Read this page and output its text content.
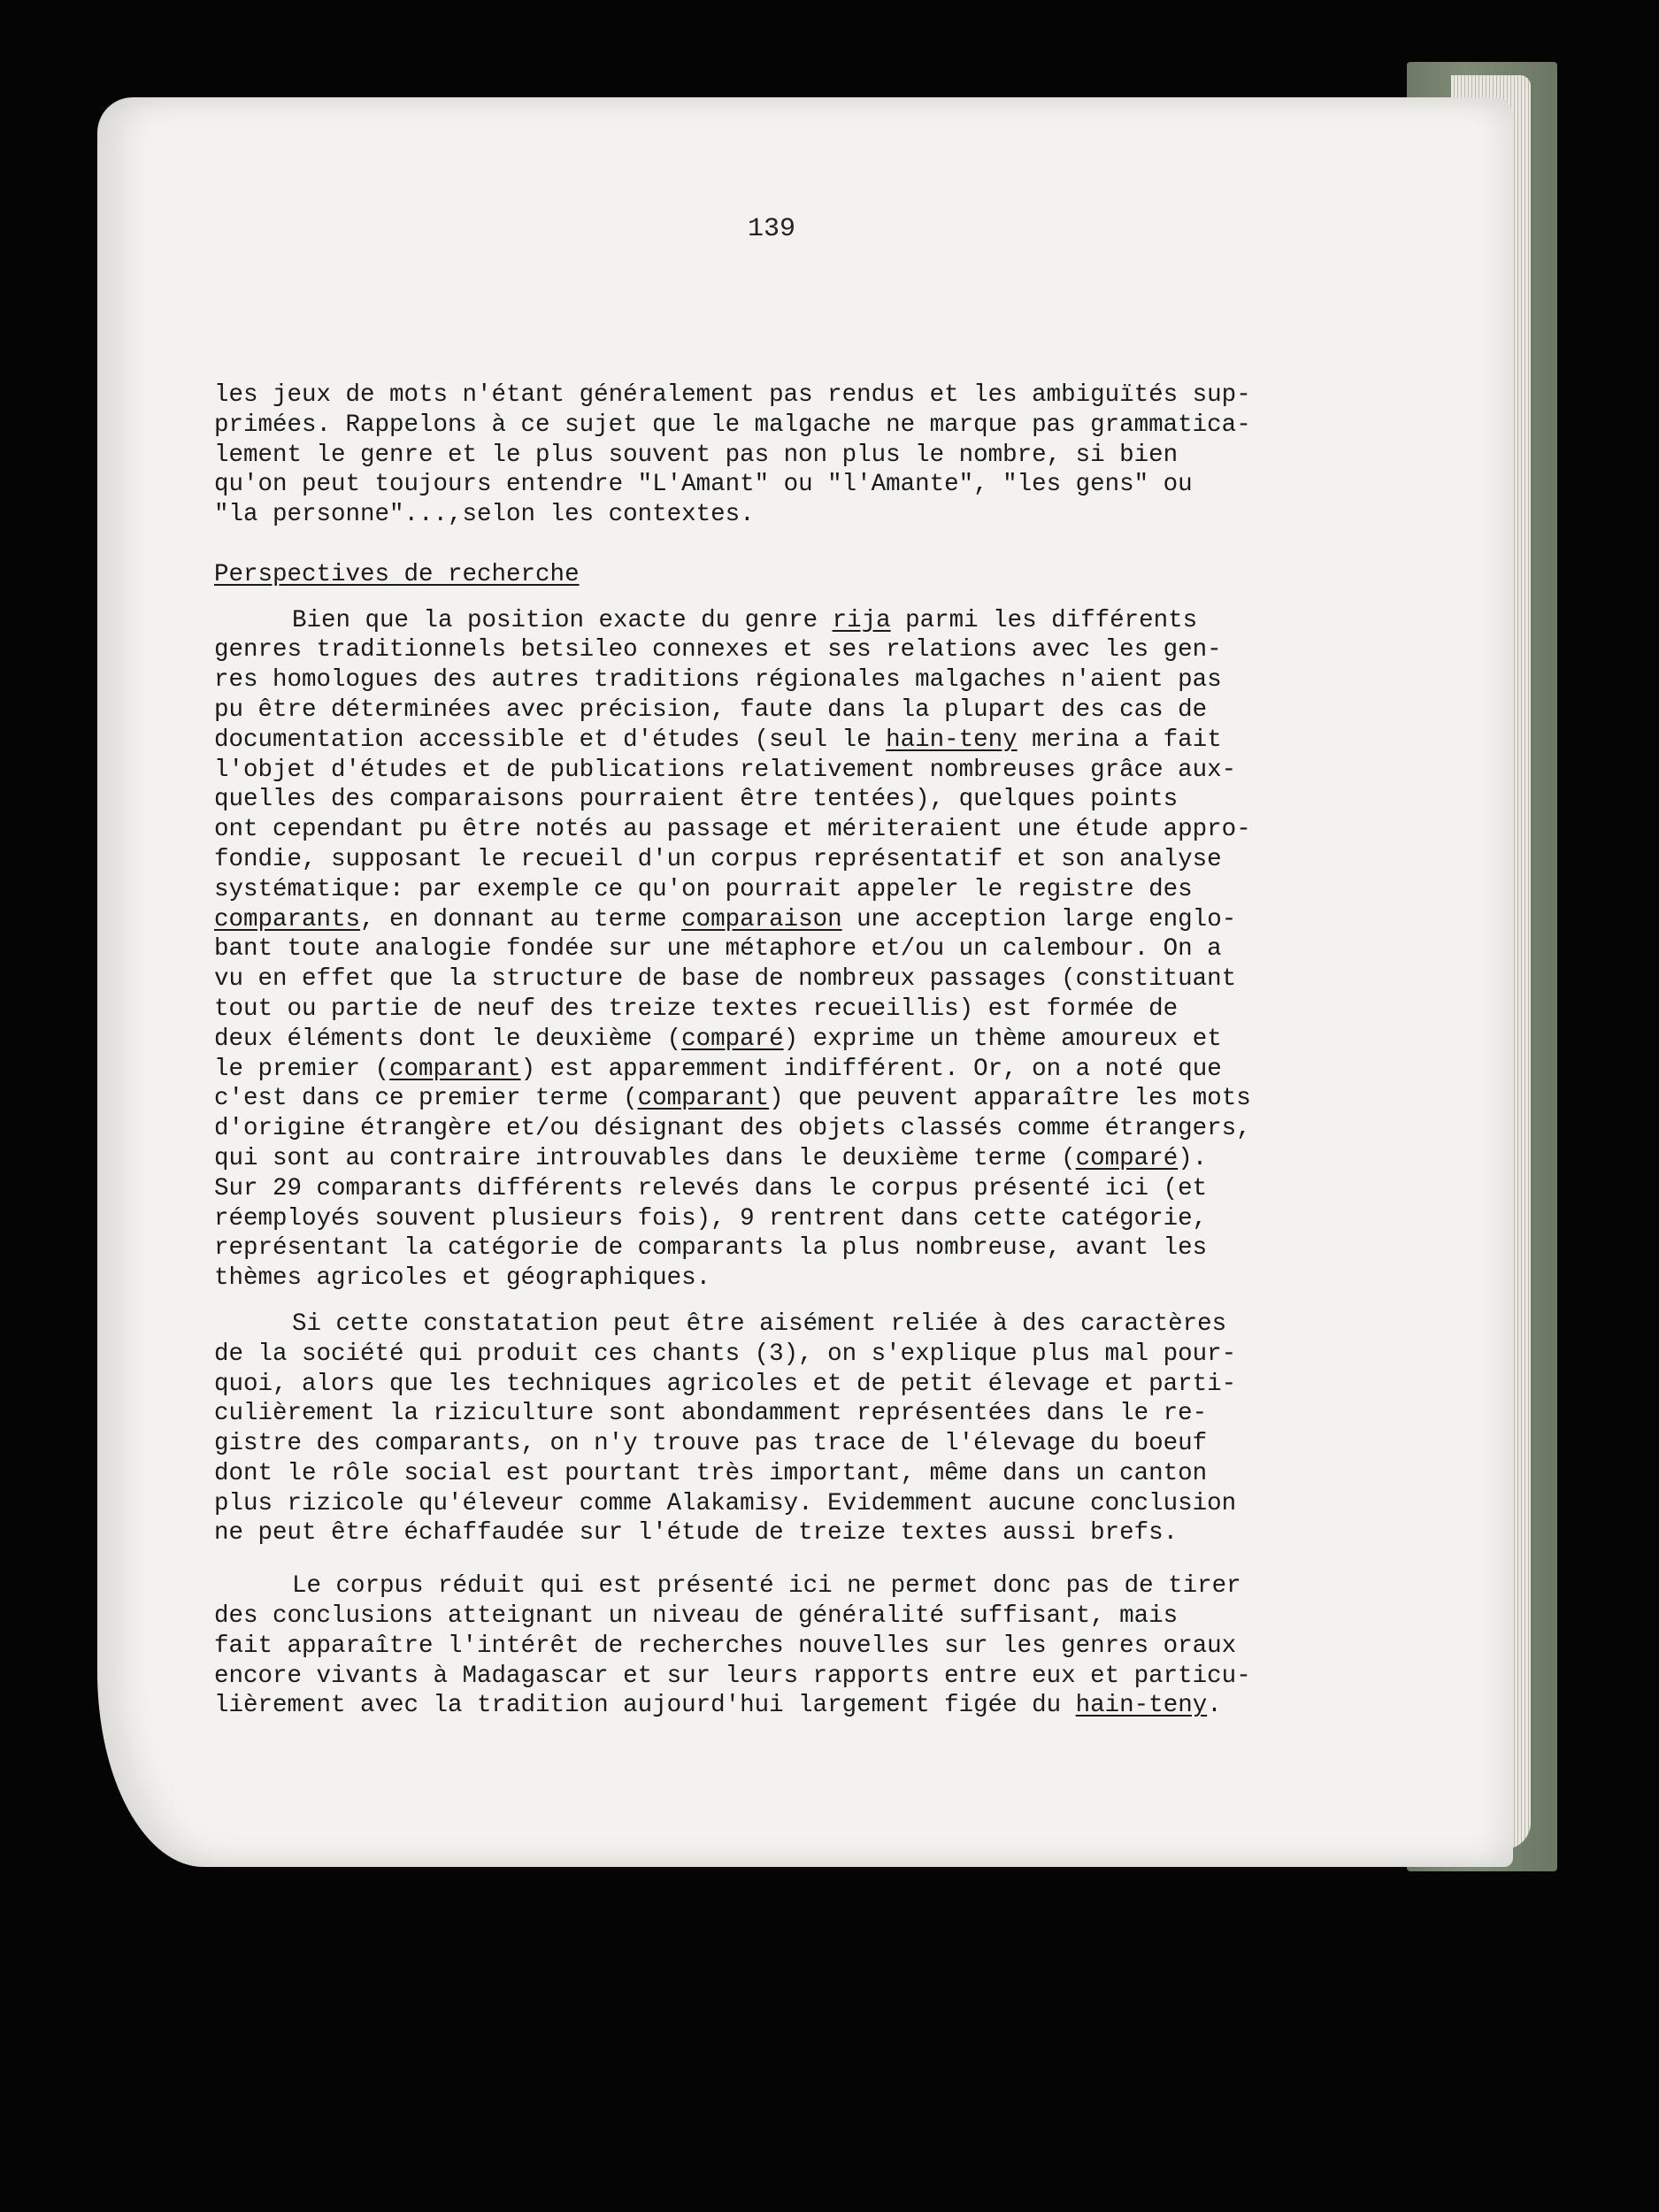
139
les jeux de mots n'étant généralement pas rendus et les ambiguïtés sup-
primées. Rappelons à ce sujet que le malgache ne marque pas grammatica-
lement le genre et le plus souvent pas non plus le nombre, si bien
qu'on peut toujours entendre "L'Amant" ou "l'Amante", "les gens" ou
"la personne"...,selon les contextes.
Perspectives de recherche
Bien que la position exacte du genre rija parmi les différents
genres traditionnels betsileo connexes et ses relations avec les gen-
res homologues des autres traditions régionales malgaches n'aient pas
pu être déterminées avec précision, faute dans la plupart des cas de
documentation accessible et d'études (seul le hain-teny merina a fait
l'objet d'études et de publications relativement nombreuses grâce aux-
quelles des comparaisons pourraient être tentées), quelques points
ont cependant pu être notés au passage et mériteraient une étude appro-
fondie, supposant le recueil d'un corpus représentatif et son analyse
systématique: par exemple ce qu'on pourrait appeler le registre des
comparants, en donnant au terme comparaison une acception large englo-
bant toute analogie fondée sur une métaphore et/ou un calembour. On a
vu en effet que la structure de base de nombreux passages (constituant
tout ou partie de neuf des treize textes recueillis) est formée de
deux éléments dont le deuxième (comparé) exprime un thème amoureux et
le premier (comparant) est apparemment indifférent. Or, on a noté que
c'est dans ce premier terme (comparant) que peuvent apparaître les mots
d'origine étrangère et/ou désignant des objets classés comme étrangers,
qui sont au contraire introuvables dans le deuxième terme (comparé).
Sur 29 comparants différents relevés dans le corpus présenté ici (et
réemployés souvent plusieurs fois), 9 rentrent dans cette catégorie,
représentant la catégorie de comparants la plus nombreuse, avant les
thèmes agricoles et géographiques.
Si cette constatation peut être aisément reliée à des caractères
de la société qui produit ces chants (3), on s'explique plus mal pour-
quoi, alors que les techniques agricoles et de petit élevage et parti-
culièrement la riziculture sont abondamment représentées dans le re-
gistre des comparants, on n'y trouve pas trace de l'élevage du boeuf
dont le rôle social est pourtant très important, même dans un canton
plus rizicole qu'éleveur comme Alakamisy. Evidemment aucune conclusion
ne peut être échaffaudée sur l'étude de treize textes aussi brefs.
Le corpus réduit qui est présenté ici ne permet donc pas de tirer
des conclusions atteignant un niveau de généralité suffisant, mais
fait apparaître l'intérêt de recherches nouvelles sur les genres oraux
encore vivants à Madagascar et sur leurs rapports entre eux et particu-
lièrement avec la tradition aujourd'hui largement figée du hain-teny.
